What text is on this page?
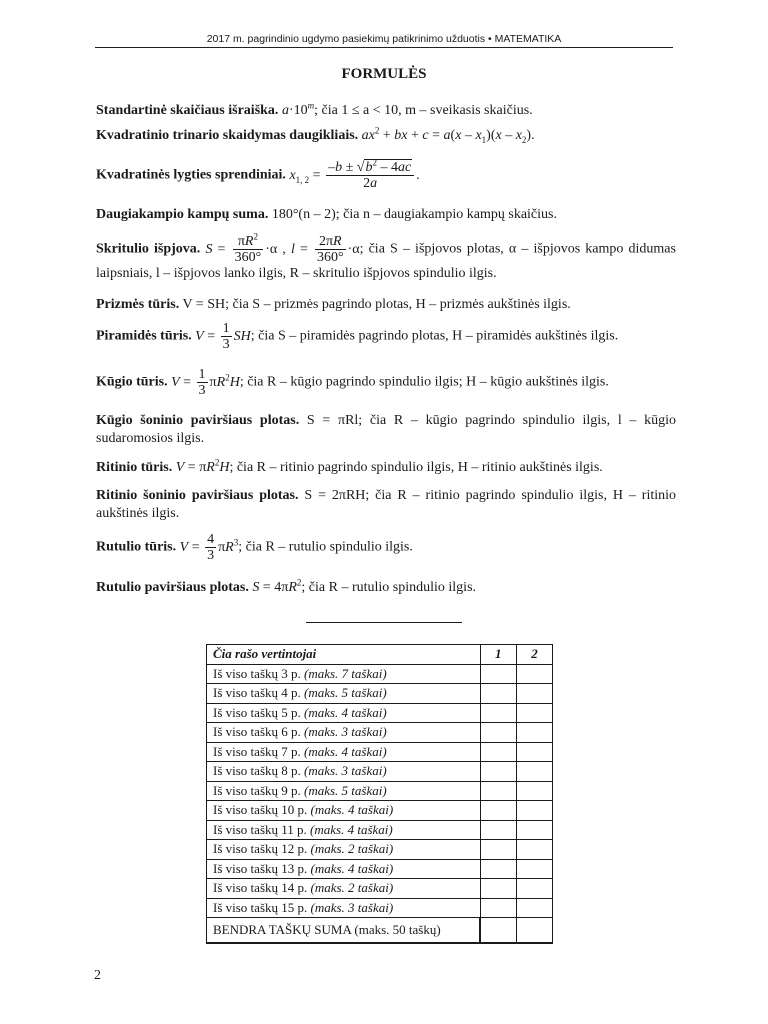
2017 m. pagrindinio ugdymo pasiekimų patikrinimo užduotis • MATEMATIKA
FORMULĖS
Standartinė skaičiaus išraiška. $a\cdot 10^m$; čia 1 ≤ a < 10, m – sveikasis skaičius.
Kvadratinio trinario skaidymas daugikliais. $ax^2$ + bx + $c = a(x - x_1)(x - x_2)$.
Kvadratinės lygties sprendiniai. $x_{1, 2} = \frac{-b \pm √b^2 - 4ac}{2a}$ .
Daugiakampio kampų suma. 180°(n – 2); čia n – daugiakampio kampų skaičius.
Skritulio išpjova. $S = \frac{\pi R^2}{360^\circ} \cdot\alpha$ , $l = \frac{2\pi R}{360^\circ} \cdot\alpha$; čia S – išpjovos plotas, α – išpjovos kampo didumas laipsniais, l – išpjovos lanko ilgis, R – skritulio išpjovos spindulio ilgis.
Prizmės tūris. V = SH; čia S – prizmės pagrindo plotas, H – prizmės aukštinės ilgis.
Piramidės tūris. $V = \frac{1}{3}$ SH; čia S – piramidės pagrindo plotas, H – piramidės aukštinės ilgis.
Kūgio tūris. $V = \frac{1}{3} \pi R^2H$; čia R – kūgio pagrindo spindulio ilgis; H – kūgio aukštinės ilgis.
Kūgio šoninio paviršiaus plotas. S = πRl; čia R – kūgio pagrindo spindulio ilgis, l – kūgio sudaromosios ilgis.
Ritinio tūris. $V = \pi R^2H$; čia R – ritinio pagrindo spindulio ilgis, H – ritinio aukštinės ilgis.
Ritinio šoninio paviršiaus plotas. S = 2πRH; čia R – ritinio pagrindo spindulio ilgis, H – ritinio aukštinės ilgis.
Rutulio tūris. $V = \frac{4}{3} \pi R^3$; čia R – rutulio spindulio ilgis.
Rutulio paviršiaus plotas. $S = 4\pi R^2$; čia R – rutulio spindulio ilgis.
Čia rašo vertintojai	1	2
Iš viso taškų 3 p. (maks. 7 taškai)		
Iš viso taškų 4 p. (maks. 5 taškai)		
Iš viso taškų 5 p. (maks. 4 taškai)		
Iš viso taškų 6 p. (maks. 3 taškai)		
Iš viso taškų 7 p. (maks. 4 taškai)		
Iš viso taškų 8 p. (maks. 3 taškai)		
Iš viso taškų 9 p. (maks. 5 taškai)		
Iš viso taškų 10 p. (maks. 4 taškai)		
Iš viso taškų 11 p. (maks. 4 taškai)		
Iš viso taškų 12 p. (maks. 2 taškai)		
Iš viso taškų 13 p. (maks. 4 taškai)		
Iš viso taškų 14 p. (maks. 2 taškai)		
Iš viso taškų 15 p. (maks. 3 taškai)		
BENDRA TAŠKŲ SUMA (maks. 50 taškų)		
2
